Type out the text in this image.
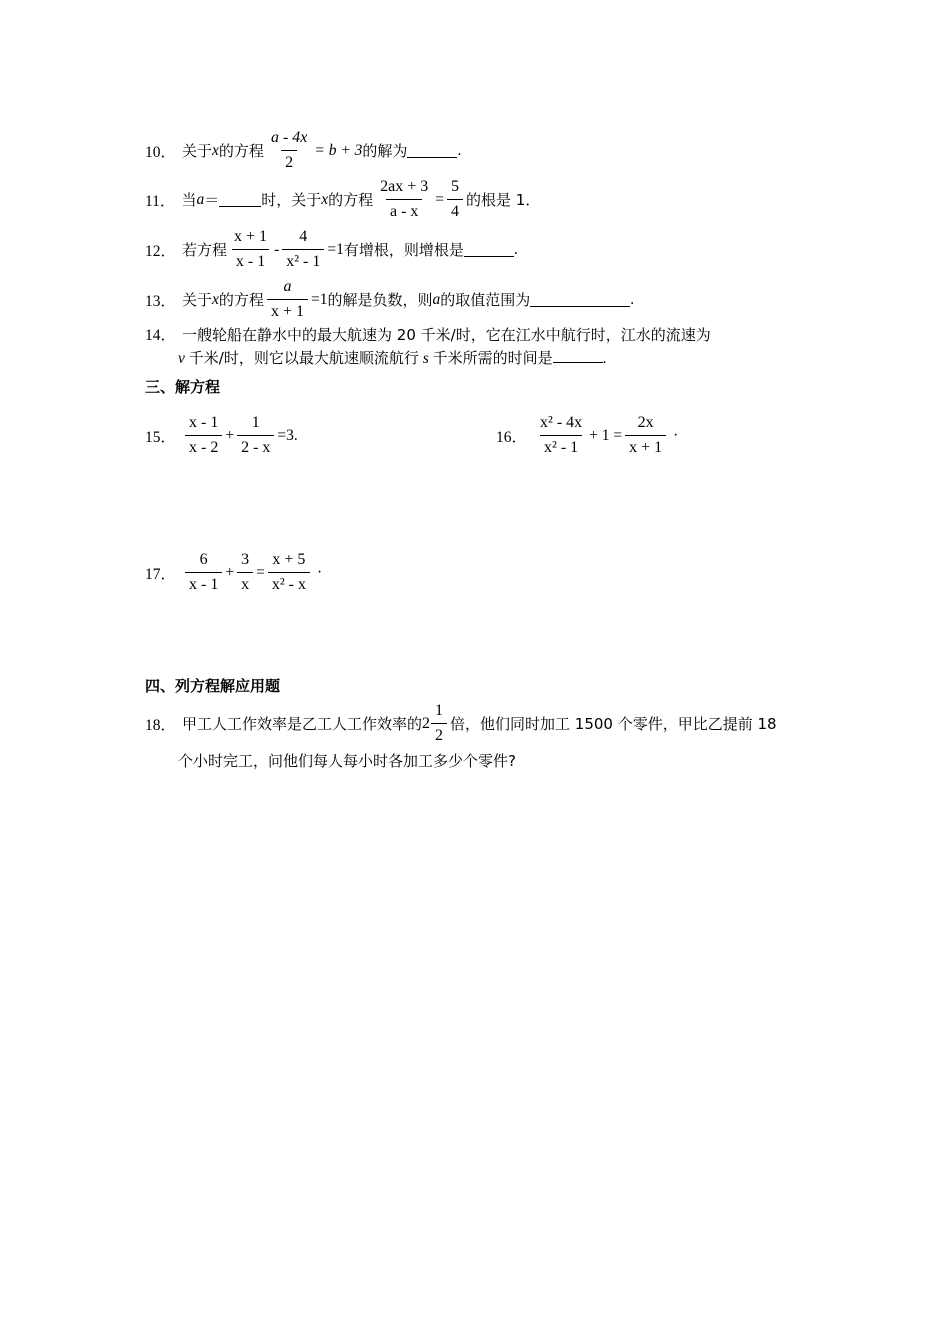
10． 关于 x 的方程 $\frac{a - 4x}{2} = b + 3$ 的解为	.
11． 当 a ＝	时，关于 x 的方程 $\frac{2ax + 3}{a - x} = \frac{5}{4}$ 的根是 1．
12． 若方程 $\frac{x + 1}{x - 1} - \frac{4}{\text{x² - 1}} =1$ 有增根，则增根是	.
13． 关于 x 的方程 $\frac{a}{x + 1} =1$ 的解是负数，则 a 的取值范围为	.
14． 一艘轮船在静水中的最大航速为 20 千米/时，它在江水中航行时，江水的流速为
v 千米/时，则它以最大航速顺流航行 s 千米所需的时间是	.
三、解方程
15． $\frac{x - 1}{x - 2} + \frac{1}{2 - x} =3$.	16． $\frac{\text{x² - 4x}}{\text{x² - 1}} + 1 = \frac{2x}{x + 1}$ ·
17． $\frac{6}{x - 1} + \frac{3}{x} = \frac{x + 5}{\text{x² - x}}$ ·
四、列方程解应用题
18． 甲工人工作效率是乙工人工作效率的 $2 \frac{1}{2}$ 倍，他们同时加工 1500 个零件，甲比乙提前 18
个小时完工，问他们每人每小时各加工多少个零件?
